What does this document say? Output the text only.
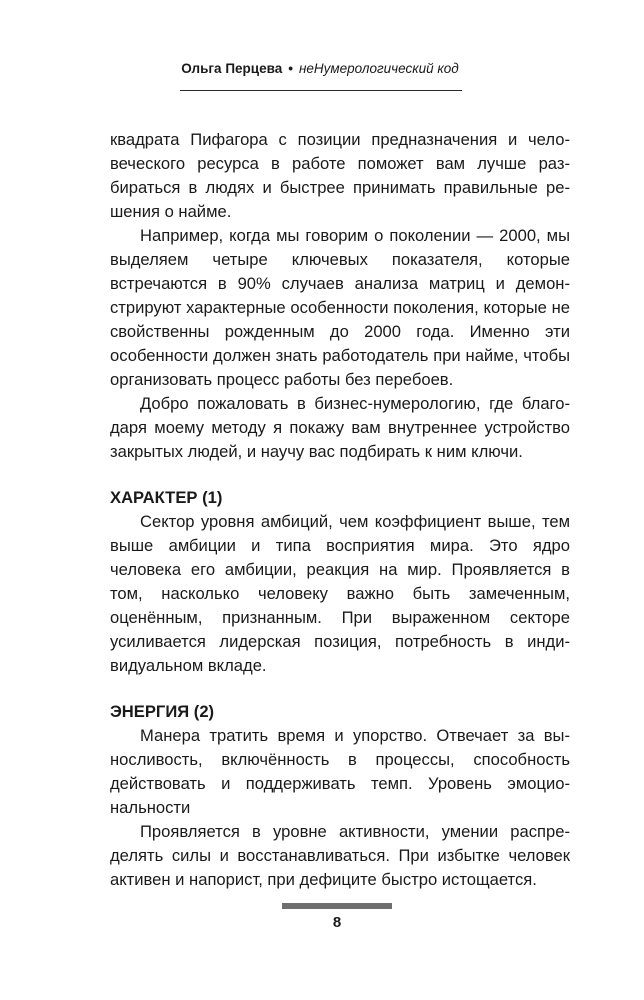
Ольга Перцева • неНумерологический код

квадрата Пифагора с позиции предназначения и человеческого ресурса в работе поможет вам лучше разбираться в людях и быстрее принимать правильные решения о найме.

Например, когда мы говорим о поколении — 2000, мы выделяем четыре ключевых показателя, которые встречаются в 90% случаев анализа матриц и демонстрируют характерные особенности поколения, которые не свойственны рожденным до 2000 года. Именно эти особенности должен знать работодатель при найме, чтобы организовать процесс работы без перебоев.

Добро пожаловать в бизнес-нумерологию, где благодаря моему методу я покажу вам внутреннее устройство закрытых людей, и научу вас подбирать к ним ключи.

ХАРАКТЕР (1)

Сектор уровня амбиций, чем коэффициент выше, тем выше амбиции и типа восприятия мира. Это ядро человека его амбиции, реакция на мир. Проявляется в том, насколько человеку важно быть замеченным, оценённым, признанным. При выраженном секторе усиливается лидерская позиция, потребность в индивидуальном вкладе.

ЭНЕРГИЯ (2)

Манера тратить время и упорство. Отвечает за выносливость, включённость в процессы, способность действовать и поддерживать темп. Уровень эмоциональности

Проявляется в уровне активности, умении распределять силы и восстанавливаться. При избытке человек активен и напорист, при дефиците быстро истощается.

8
